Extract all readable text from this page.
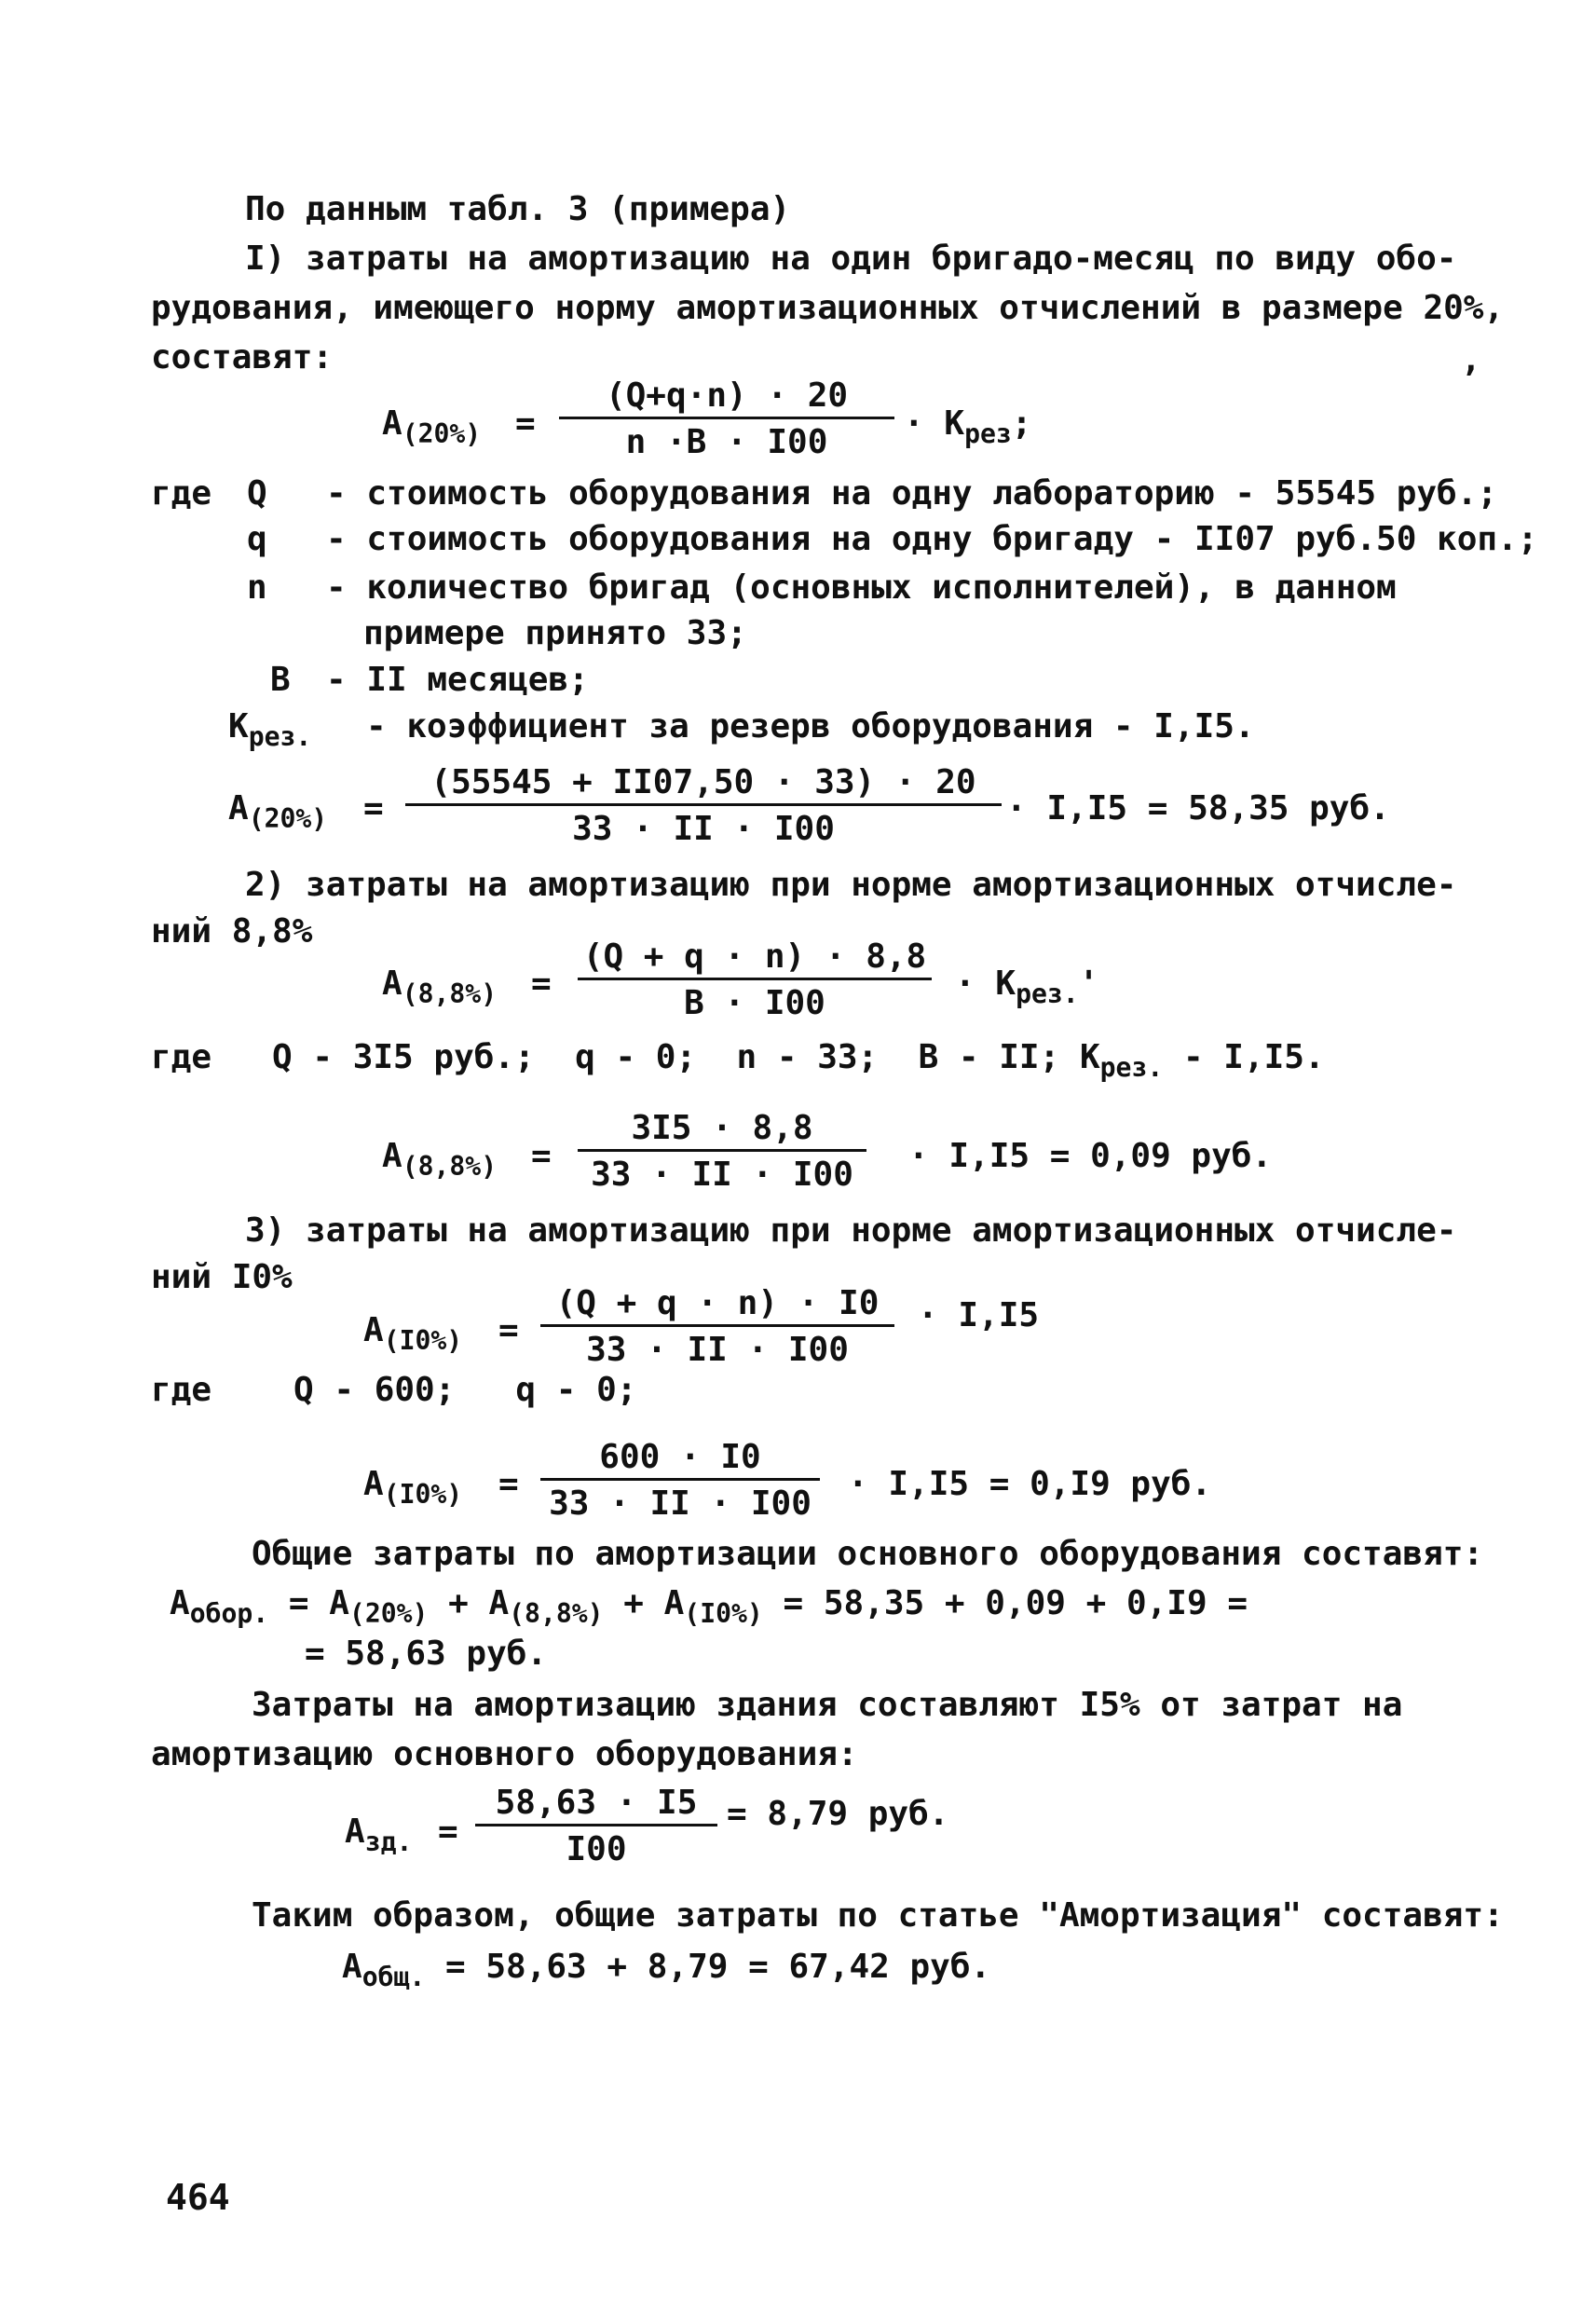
По данным табл. 3 (примера)
I) затраты на амортизацию на один бригадо-месяц по виду обо-
рудования, имеющего норму амортизационных отчислений в размере 20%,
составят:	,
$A_{(20\%)}$ =
(Q+q·n) · 20
n ·B · I00	· $K_{рез}$;
где Q - стоимость оборудования на одну лабораторию - 55545 руб.;
q - стоимость оборудования на одну бригаду - II07 руб.50 коп.;
n - количество бригад (основных исполнителей), в данном
примере принято 33;
B - II месяцев;
$K_{рез.}$ - коэффициент за резерв оборудования - I,I5.
$A_{(20\%)}$ =
(55545 + II07,50 · 33) · 20
33 · II · I00
· I,I5 = 58,35 руб.
2) затраты на амортизацию при норме амортизационных отчисле-
ний 8,8%
$A_{(8,8\%)}$ =
(Q + q · n) · 8,8
B · I00
· $K_{рез.}'$
где Q - 3I5 руб.;  q - 0;  n - 33;  B - II; $K_{рез.} - I,I5$.
$A_{(8,8\%)}$ =
3I5 · 8,8
33 · II · I00	· I,I5 = 0,09 руб.
3) затраты на амортизацию при норме амортизационных отчисле-
ний I0%
$A_{(I0\%)}$ =
(Q + q · n) · I0
33 · II · I00
· I,I5
где Q - 600;   q - 0;
$A_{(I0\%)}$ =
600 · I0
33 · II · I00
· I,I5 = 0,I9 руб.
Общие затраты по амортизации основного оборудования составят:
$A_{обор.} = A_{(20\%)} + A_{(8,8\%)} + A_{(I0\%)} = 58,35 + 0,09 + 0,I9$ =
= 58,63 руб.
Затраты на амортизацию здания составляют I5% от затрат на
амортизацию основного оборудования:
$A_{зд.}$ =
58,63 · I5
I00
= 8,79 руб.
Таким образом, общие затраты по статье "Амортизация" составят:
$A_{общ.} = 58,63 + 8,79 = 67,42$ руб.
464
